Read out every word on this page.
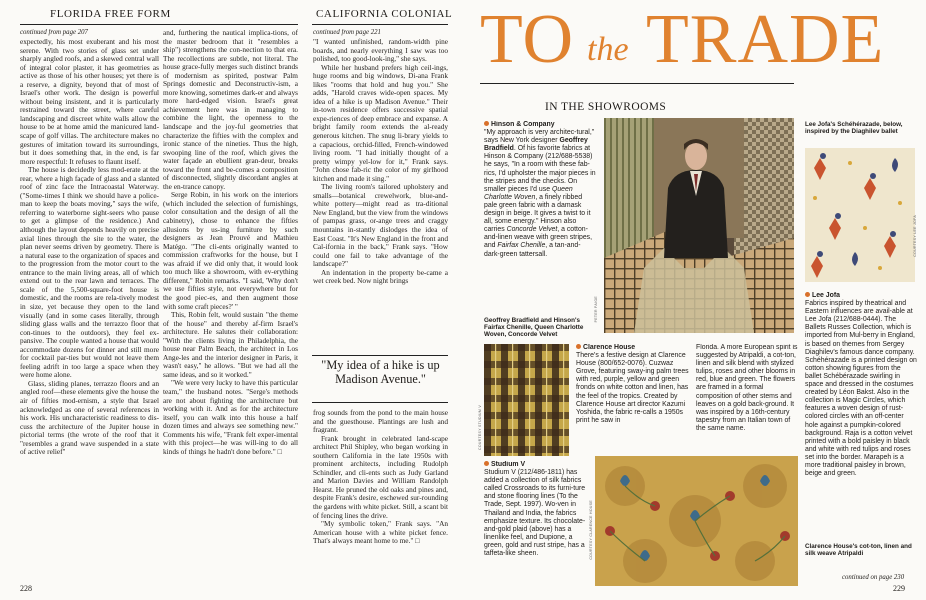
FLORIDA FREE FORM	CALIFORNIA COLONIAL
continued from page 207

expectedly, his most exuberant and his most serene. With two stories of glass set under sharply angled roofs, and a skewed central wall of integral color plaster, it has geometries as active as those of his other houses; yet there is a reserve, a dignity, beyond that of most of Israel's other work. The design is powerful without being insistent, and it is particularly restrained toward the street, where careful landscaping and discreet white walls allow the house to be at home amid the manicured land-scape of golf villas. The architecture makes no gestures of imitation toward its surroundings, but it does something that, in the end, is far more respectful: It refuses to flaunt itself.

The house is decidedly less mod-erate at the rear, where a high façade of glass and a slanted roof of zinc face the Intracoastal Waterway. ("Some-times I think we should have a police-man to keep the boats moving," says the wife, referring to waterborne sight-seers who pause to get a glimpse of the residence.) And although the layout depends heavily on precise axial lines through the site to the water, the plan never seems driven by geometry. There is a natural ease to the organization of spaces and to the progression from the motor court to the entrance to the main living areas, all of which extend out to the rear lawn and terraces. The scale of the 5,500-square-foot house is domestic, and the rooms are rela-tively modest in size, yet because they open to the land visually (and in some cases literally, through sliding glass walls and the terrazzo floor that con-tinues to the outdoors), they feel ex-pansive. The couple wanted a house that would accommodate dozens for dinner and still more for cocktail par-ties but would not leave them feeling adrift in too large a space when they were home alone.

Glass, sliding planes, terrazzo floors and an angled roof—these elements give the house the air of fifties mod-ernism, a style that Israel acknowledged as one of several references in his work. His uncharacteristic readiness to dis-cuss the architecture of the Jupiter house in pictorial terms (the wrote of the roof that it "resembles a grand wave suspended in a state of active relief"

and, furthering the nautical implica-tions, of the master bedroom that it "resembles a ship") strengthens the con-nection to that era. The recollections are subtle, not literal. The house grace-fully merges such distinct brands of modernism as spirited, postwar Palm Springs domestic and Deconstructiv-ism, a more knowing, sometimes dark-er and always more hard-edged vision. Israel's great achievement here was in managing to combine the light, the openness to the landscape and the joy-ful geometries that characterize the fifties with the complex and ironic stance of the nineties. Thus the high, swooping line of the roof, which gives the water façade an ebullient gran-deur, breaks toward the front and be-comes a composition of disconnected, slightly discordant angles at the en-trance canopy.

Serge Robin, in his work on the interiors (which included the selection of furnishings, color consultation and the design of all the cabinetry), chose to enhance the fifties allusions by us-ing furniture by such designers as Jean Prouvé and Mathieu Matégo. "The cli-ents originally wanted to commission craftworks for the house, but I was afraid if we did only that, it would look too much like a showroom, with ev-erything different," Robin remarks. "I said, 'Why don't we use fifties style, not everywhere but for the good piec-es, and then augment those with some craft pieces?' "

This, Robin felt, would sustain "the theme of the house" and thereby af-firm Israel's architecture. He salutes their collaboration: "With the clients living in Philadelphia, the house near Palm Beach, the architect in Los Ange-les and the interior designer in Paris, it wasn't easy," he allows. "But we had all the same ideas, and so it worked."

"We were very lucky to have this particular team," the husband notes. "Serge's methods are not about fighting the architecture but working with it. And as for the architecture itself, you can walk into this house a half dozen times and always see something new." Comments his wife, "Frank felt exper-imental with this project—he was will-ing to do all kinds of things he hadn't done before." □

continued from page 221

"I wanted unfinished, random-width pine boards, and nearly everything I saw was too polished, too good-look-ing," she says.

While her husband prefers high ceil-ings, huge rooms and big windows, Di-ana Frank likes "rooms that hold and hug you." She adds, "Harold craves wide-open spaces. My idea of a hike is up Madison Avenue." Their in-town residence offers successive spatial expe-riences of deep embrace and expanse. A bright family room extends the al-ready generous kitchen. The snug li-brary yields to a capacious, orchid-filled, French-windowed living room. "I had initially thought of a pretty wimpy yel-low for it," Frank says. "John chose fab-ric the color of my girlhood kitchen and made it sing."

The living room's tailored upholstery and smalls—botanical crewelwork, blue-and-white pottery—might read as tra-ditional New England, but the view from the windows of pampas grass, or-ange trees and craggy mountains in-stantly dislodges the idea of East Coast. "It's New England in the front and Cal-ifornia in the back," Frank says. "How could one fail to take advantage of the landscape?"

An indentation in the property be-came a wet creek bed. Now night brings

"My idea of a hike is up Madison Avenue."

frog sounds from the pond to the main house and the guesthouse. Plantings are lush and fragrant.

Frank brought in celebrated land-scape architect Phil Shipley, who began working in southern California in the late 1950s with prominent architects, including Rudolph Schindler, and cli-ents such as Judy Garland and Marion Davies and William Randolph Hearst. He pruned the old oaks and pines and, despite Frank's desire, eschewed sur-rounding the gardens with white picket. Still, a scant bit of fencing lines the drive.

"My symbolic token," Frank says. "An American house with a white picket fence. That's always meant home to me." □

228
TO the TRADE
IN THE SHOWROOMS

Hinson & Company

"My approach is very architec-tural," says New York designer Geoffrey Bradfield. Of his favorite fabrics at Hinson & Company (212/688-5538) he says, "In a room with these fab-rics, I'd upholster the major pieces in the stripes and the checks. On smaller pieces I'd use Queen Charlotte Woven, a finely ribbed pale green fabric with a damask design in beige. It gives a twist to it all, some energy." Hinson also carries Concorde Velvet, a cotton-and-linen weave with green stripes, and Fairfax Chenille, a tan-and-dark-green tattersall.

PETER PAIGE
Lee Jofa's Schéhérazade, below, inspired by the Diaghilev ballet
COURTESY LEE JOFA

Lee Jofa

Fabrics inspired by theatrical and Eastern influences are avail-able at Lee Jofa (212/688-0444). The Ballets Russes Collection, which is imported from Mul-berry in England, is based on themes from Sergey Diaghilev's famous dance company. Schéhérazade is a printed design on cotton showing figures from the ballet Schébérazade swirling in space and dressed in the costumes created by Léon Bakst. Also in the collection is Magic Circles, which features a woven design of rust-colored circles with an off-center hole against a pumpkin-colored background. Raja is a cotton velvet printed with a bold paisley in black and white with red tulips and roses set into the border. Marapeh is a more traditional paisley in brown, beige and green.

Geoffrey Bradfield and Hinson's Fairfax Chenille, Queen Charlotte Woven, Concorde Velvet
COURTESY STUDIUM V

Clarence House

There's a festive design at Clarence House (800/652-0076). Cuzwaz Grove, featuring sway-ing palm trees with red, purple, yellow and green fronds on white cotton and linen, has the feel of the tropics. Created by Clarence House art director Kazumi Yoshida, the fabric re-calls a 1950s print he saw in

Florida. A more European spirit is suggested by Atripaldi, a cot-ton, linen and silk blend with stylized tulips, roses and other blooms in red, blue and green. The flowers are framed in a formal composition of other stems and leaves on a gold back-ground. It was inspired by a 16th-century tapestry from an Italian town of the same name.

Studium V

Studium V (212/486-1811) has added a collection of silk fabrics called Crossroads to its furni-ture and stone flooring lines (To the Trade, Sept. 1997). Wo-ven in Thailand and India, the fabrics emphasize texture. Its chocolate-and-gold plaid (above) has a linenlike feel, and Dupione, a green, gold and rust stripe, has a taffeta-like sheen.	COURTESY CLARENCE HOUSE	Clarence House's cot-ton, linen and silk weave Atripaldi
continued on page 230
229
